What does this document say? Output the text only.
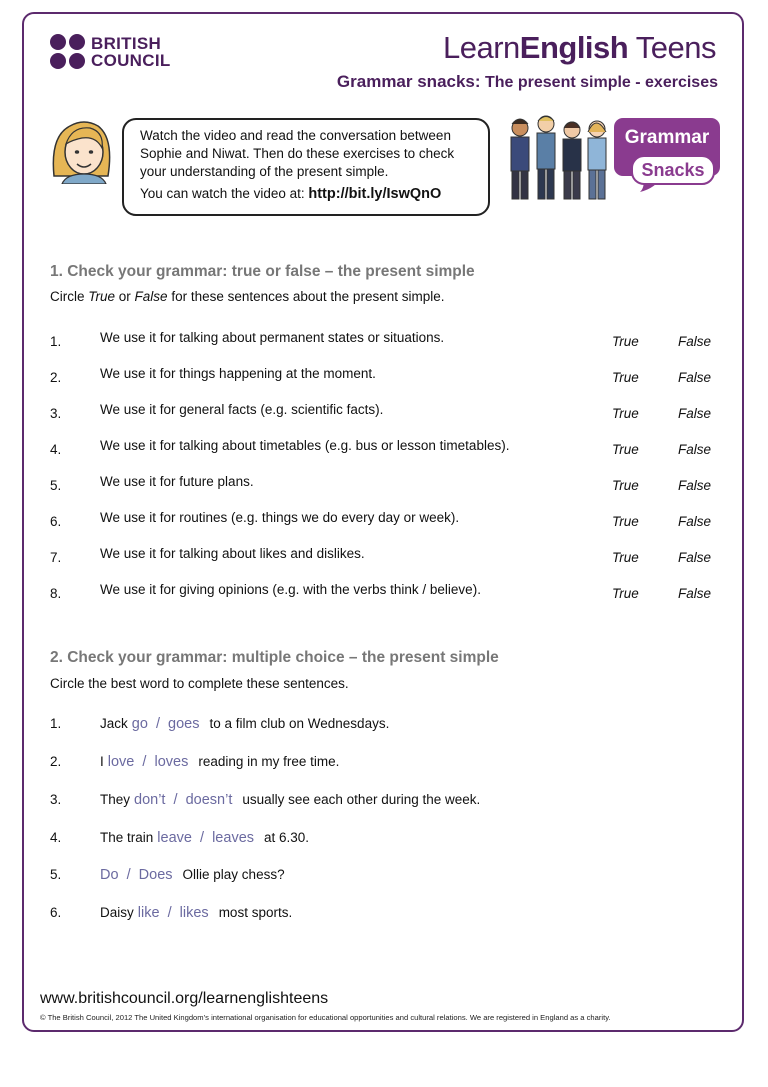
BRITISH
COUNCIL	LearnEnglish Teens
Grammar snacks: The present simple - exercises

Watch the video and read the conversation between Sophie and Niwat. Then do these exercises to check your understanding of the present simple.

You can watch the video at: http://bit.ly/IswQnO

Grammar
Snacks
1. Check your grammar: true or false – the present simple
Circle True or False for these sentences about the present simple.
1.	We use it for talking about permanent states or situations.	True	False
2.	We use it for things happening at the moment.	True	False
3.	We use it for general facts (e.g. scientific facts).	True	False
4.	We use it for talking about timetables (e.g. bus or lesson timetables).	True	False
5.	We use it for future plans.	True	False
6.	We use it for routines (e.g. things we do every day or week).	True	False
7.	We use it for talking about likes and dislikes.	True	False
8.	We use it for giving opinions (e.g. with the verbs think / believe).	True	False
2. Check your grammar: multiple choice – the present simple
Circle the best word to complete these sentences.
1.	Jack go  /  goes to a film club on Wednesdays.
2.	I love  /  loves reading in my free time.
3.	They don’t  /  doesn’t usually see each other during the week.
4.	The train leave  /  leaves at 6.30.
5.	Do  /  Does Ollie play chess?
6.	Daisy like  /  likes most sports.
www.britishcouncil.org/learnenglishteens
© The British Council, 2012 The United Kingdom’s international organisation for educational opportunities and cultural relations. We are registered in England as a charity.
